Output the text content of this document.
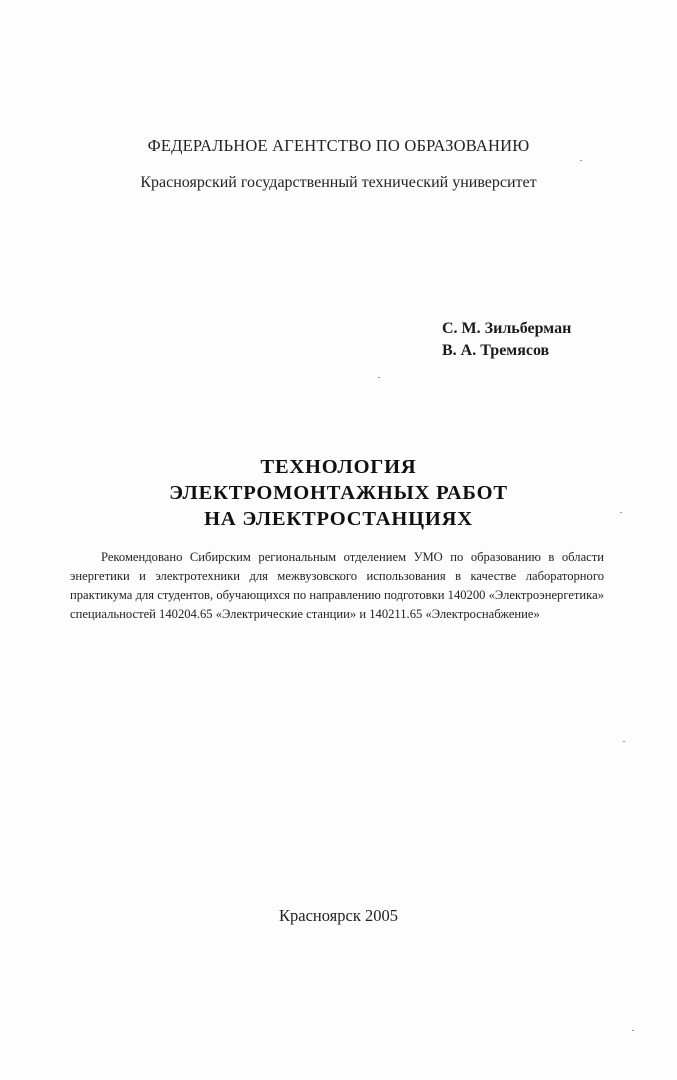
ФЕДЕРАЛЬНОЕ АГЕНТСТВО ПО ОБРАЗОВАНИЮ
Красноярский государственный технический университет
С. М. Зильберман
В. А. Тремясов
ТЕХНОЛОГИЯ
ЭЛЕКТРОМОНТАЖНЫХ РАБОТ
НА ЭЛЕКТРОСТАНЦИЯХ
Рекомендовано Сибирским региональным отделением УМО по образованию в области энергетики и электротехники для межвузовского использования в качестве лабораторного практикума для студентов, обучающихся по направлению подготовки 140200 «Электроэнергетика» специальностей 140204.65 «Электрические станции» и 140211.65 «Электроснабжение»
Красноярск 2005
